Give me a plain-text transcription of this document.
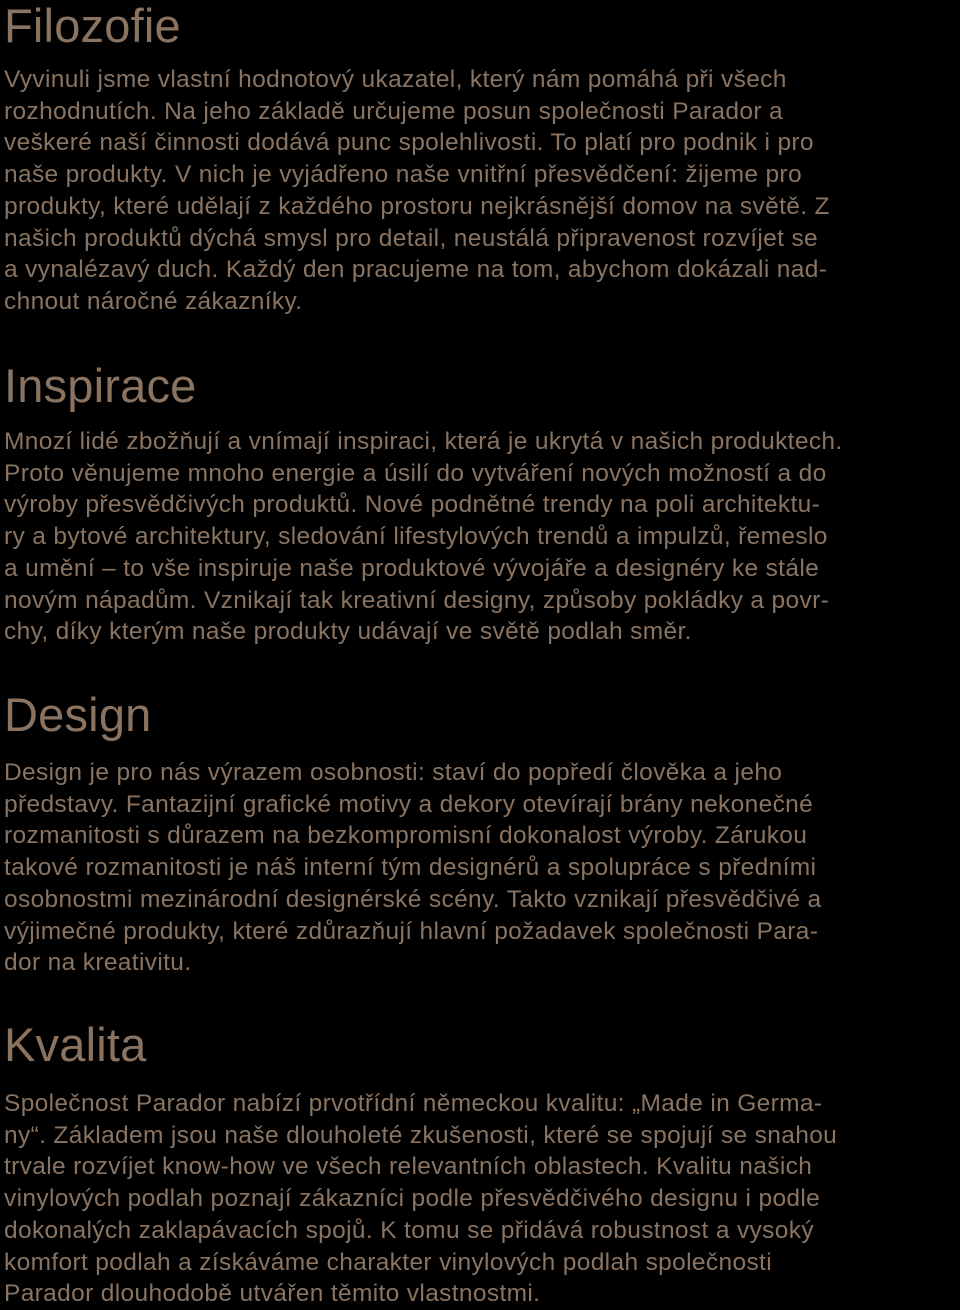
Filozofie

Vyvinuli jsme vlastní hodnotový ukazatel, který nám pomáhá při všech
rozhodnutích. Na jeho základě určujeme posun společnosti Parador a
veškeré naší činnosti dodává punc spolehlivosti. To platí pro podnik i pro
naše produkty. V nich je vyjádřeno naše vnitřní přesvědčení: žijeme pro
produkty, které udělají z každého prostoru nejkrásnější domov na světě. Z
našich produktů dýchá smysl pro detail, neustálá připravenost rozvíjet se
a vynalézavý duch. Každý den pracujeme na tom, abychom dokázali nad-
chnout náročné zákazníky.

Inspirace

Mnozí lidé zbožňují a vnímají inspiraci, která je ukrytá v našich produktech.
Proto věnujeme mnoho energie a úsilí do vytváření nových možností a do
výroby přesvědčivých produktů. Nové podnětné trendy na poli architektu-
ry a bytové architektury, sledování lifestylových trendů a impulzů, řemeslo
a umění – to vše inspiruje naše produktové vývojáře a designéry ke stále
novým nápadům. Vznikají tak kreativní designy, způsoby pokládky a povr-
chy, díky kterým naše produkty udávají ve světě podlah směr.

Design

Design je pro nás výrazem osobnosti: staví do popředí člověka a jeho
představy. Fantazijní grafické motivy a dekory otevírají brány nekonečné
rozmanitosti s důrazem na bezkompromisní dokonalost výroby. Zárukou
takové rozmanitosti je náš interní tým designérů a spolupráce s předními
osobnostmi mezinárodní designérské scény. Takto vznikají přesvědčivé a
výjimečné produkty, které zdůrazňují hlavní požadavek společnosti Para-
dor na kreativitu.

Kvalita

Společnost Parador nabízí prvotřídní německou kvalitu: „Made in Germa-
ny“. Základem jsou naše dlouholeté zkušenosti, které se spojují se snahou
trvale rozvíjet know-how ve všech relevantních oblastech. Kvalitu našich
vinylových podlah poznají zákazníci podle přesvědčivého designu i podle
dokonalých zaklapávacích spojů. K tomu se přidává robustnost a vysoký
komfort podlah a získáváme charakter vinylových podlah společnosti
Parador dlouhodobě utvářen těmito vlastnostmi.
